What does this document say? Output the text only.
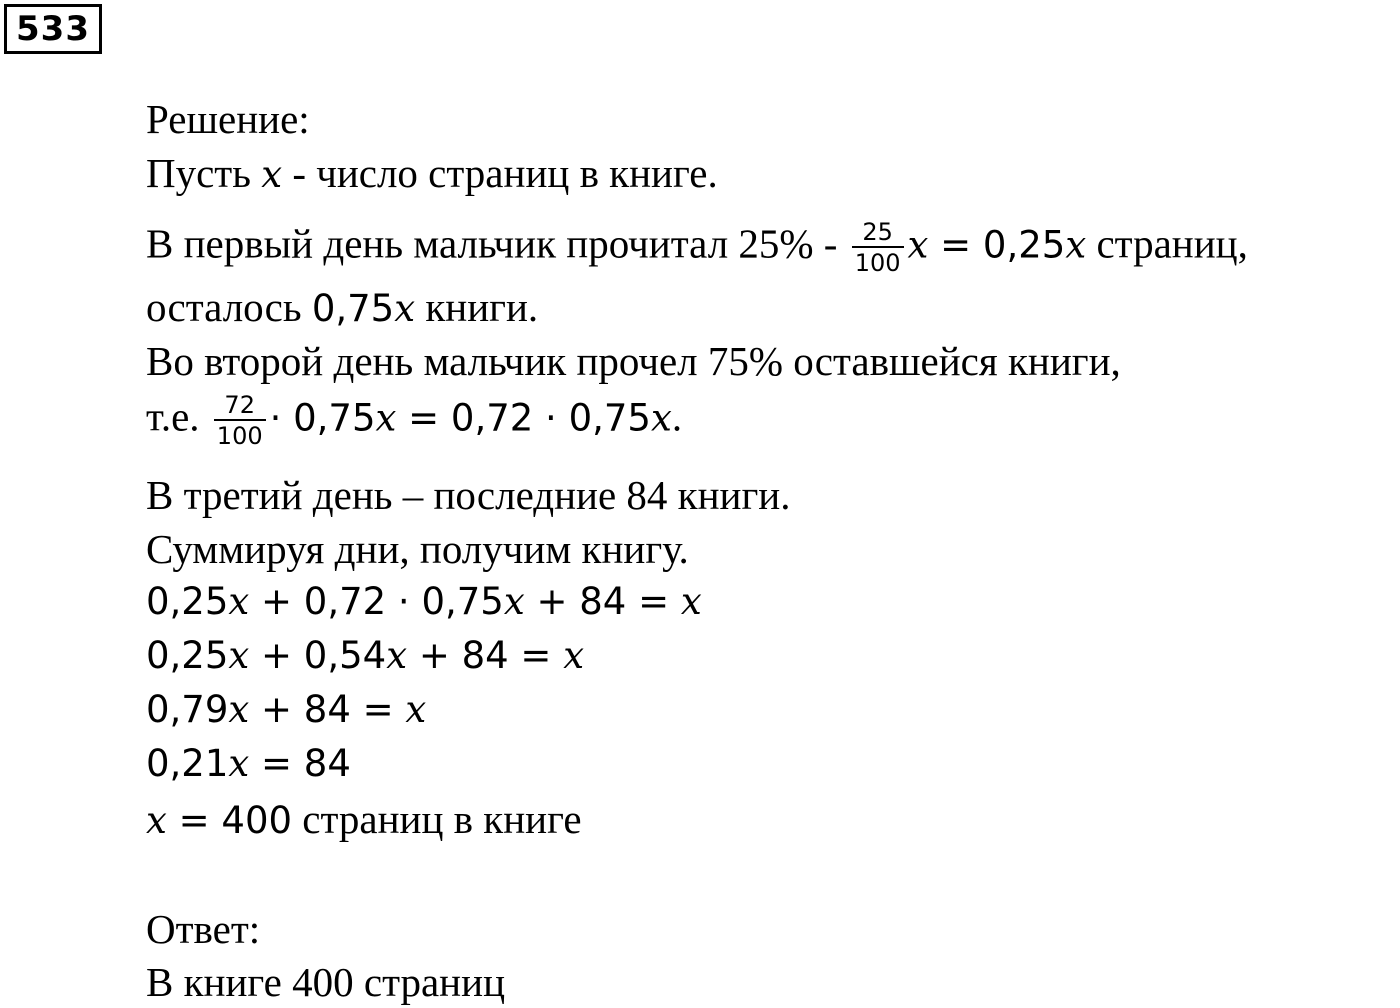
533
Решение:
Пусть x - число страниц в книге.
В первый день мальчик прочитал $25\% - \frac{25}{100}$ x = 0,25x страниц,
осталось 0,75x книги.
Во второй день мальчик прочел 75% оставшейся книги,
т.е. $\frac{72}{100} \cdot 0,75x = 0,72 \cdot 0,75x$.
В третий день – последние 84 книги.
Суммируя дни, получим книгу.
0,25x + 0,72 · 0,75x + 84 = x
0,25x + 0,54x + 84 = x
0,79x + 84 = x
0,21x = 84
x = 400 страниц в книге
Ответ:
В книге 400 страниц
